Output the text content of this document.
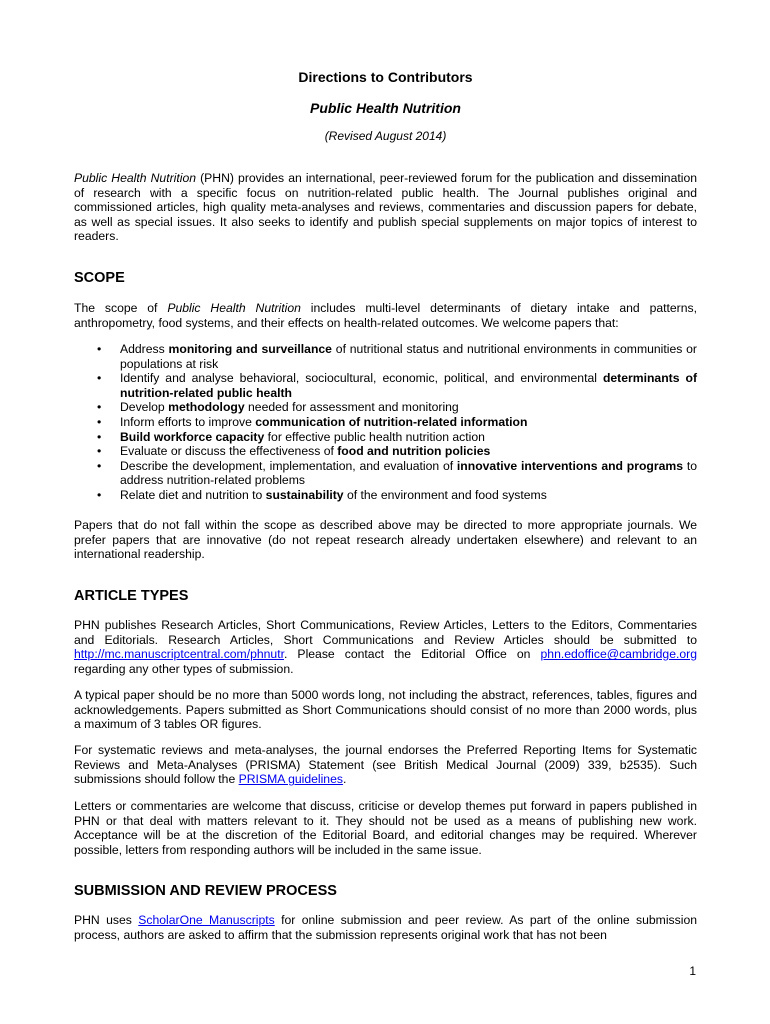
Directions to Contributors

Public Health Nutrition

(Revised August 2014)

Public Health Nutrition (PHN) provides an international, peer-reviewed forum for the publication and dissemination of research with a specific focus on nutrition-related public health. The Journal publishes original and commissioned articles, high quality meta-analyses and reviews, commentaries and discussion papers for debate, as well as special issues. It also seeks to identify and publish special supplements on major topics of interest to readers.

SCOPE

The scope of Public Health Nutrition includes multi-level determinants of dietary intake and patterns, anthropometry, food systems, and their effects on health-related outcomes. We welcome papers that:

• Address monitoring and surveillance of nutritional status and nutritional environments in communities or populations at risk
• Identify and analyse behavioral, sociocultural, economic, political, and environmental determinants of nutrition-related public health
• Develop methodology needed for assessment and monitoring
• Inform efforts to improve communication of nutrition-related information
• Build workforce capacity for effective public health nutrition action
• Evaluate or discuss the effectiveness of food and nutrition policies
• Describe the development, implementation, and evaluation of innovative interventions and programs to address nutrition-related problems
• Relate diet and nutrition to sustainability of the environment and food systems

Papers that do not fall within the scope as described above may be directed to more appropriate journals. We prefer papers that are innovative (do not repeat research already undertaken elsewhere) and relevant to an international readership.

ARTICLE TYPES

PHN publishes Research Articles, Short Communications, Review Articles, Letters to the Editors, Commentaries and Editorials. Research Articles, Short Communications and Review Articles should be submitted to http://mc.manuscriptcentral.com/phnutr. Please contact the Editorial Office on phn.edoffice@cambridge.org regarding any other types of submission.

A typical paper should be no more than 5000 words long, not including the abstract, references, tables, figures and acknowledgements. Papers submitted as Short Communications should consist of no more than 2000 words, plus a maximum of 3 tables OR figures.

For systematic reviews and meta-analyses, the journal endorses the Preferred Reporting Items for Systematic Reviews and Meta-Analyses (PRISMA) Statement (see British Medical Journal (2009) 339, b2535). Such submissions should follow the PRISMA guidelines.

Letters or commentaries are welcome that discuss, criticise or develop themes put forward in papers published in PHN or that deal with matters relevant to it. They should not be used as a means of publishing new work. Acceptance will be at the discretion of the Editorial Board, and editorial changes may be required. Wherever possible, letters from responding authors will be included in the same issue.

SUBMISSION AND REVIEW PROCESS

PHN uses ScholarOne Manuscripts for online submission and peer review. As part of the online submission process, authors are asked to affirm that the submission represents original work that has not been

1
